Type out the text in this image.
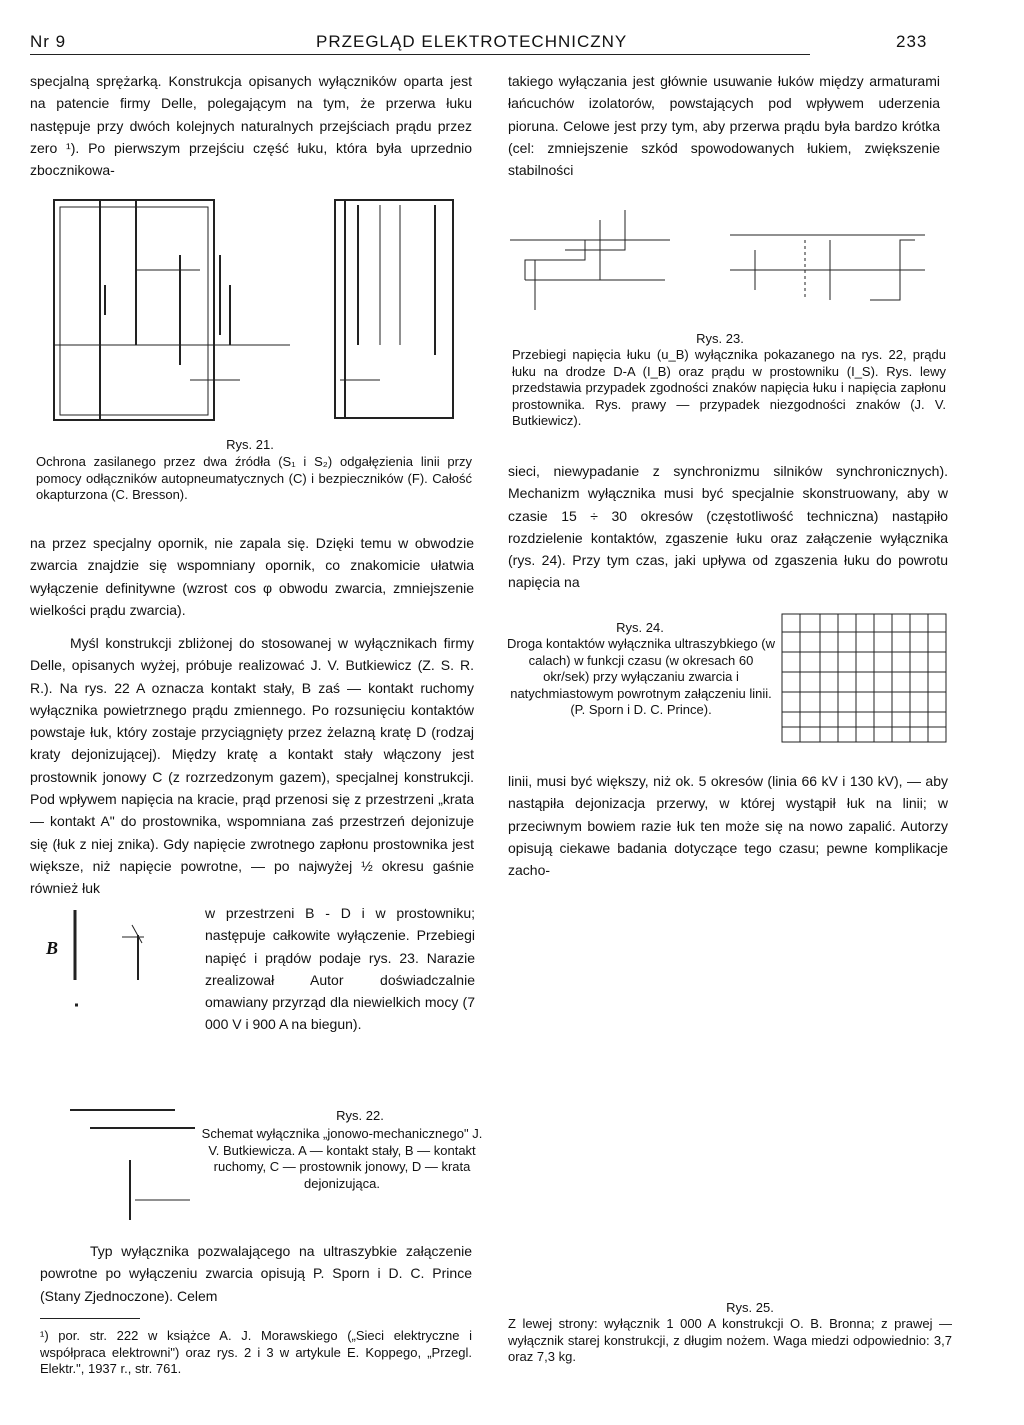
Nr 9	PRZEGLĄD ELEKTROTECHNICZNY	233
specjalną sprężarką. Konstrukcja opisanych wyłączników oparta jest na patencie firmy Delle, polegającym na tym, że przerwa łuku następuje przy dwóch kolejnych naturalnych przejściach prądu przez zero ¹). Po pierwszym przejściu część łuku, która była uprzednio zbocznikowa-
takiego wyłączania jest głównie usuwanie łuków między armaturami łańcuchów izolatorów, powstających pod wpływem uderzenia pioruna. Celowe jest przy tym, aby przerwa prądu była bardzo krótka (cel: zmniejszenie szkód spowodowanych łukiem, zwiększenie stabilności
Rys. 21.
Ochrona zasilanego przez dwa źródła (S₁ i S₂) odgałęzienia linii przy pomocy odłączników autopneumatycznych (C) i bezpieczników (F). Całość okapturzona (C. Bresson).
Rys. 23.
Przebiegi napięcia łuku (u_B) wyłącznika pokazanego na rys. 22, prądu łuku na drodze D-A (I_B) oraz prądu w prostowniku (I_S). Rys. lewy przedstawia przypadek zgodności znaków napięcia łuku i napięcia zapłonu prostownika. Rys. prawy — przypadek niezgodności znaków (J. V. Butkiewicz).
na przez specjalny opornik, nie zapala się. Dzięki temu w obwodzie zwarcia znajdzie się wspomniany opornik, co znakomicie ułatwia wyłączenie definitywne (wzrost cos φ obwodu zwarcia, zmniejszenie wielkości prądu zwarcia).
Myśl konstrukcji zbliżonej do stosowanej w wyłącznikach firmy Delle, opisanych wyżej, próbuje realizować J. V. Butkiewicz (Z. S. R. R.). Na rys. 22 A oznacza kontakt stały, B zaś — kontakt ruchomy wyłącznika powietrznego prądu zmiennego. Po rozsunięciu kontaktów powstaje łuk, który zostaje przyciągnięty przez żelazną kratę D (rodzaj kraty dejonizującej). Między kratę a kontakt stały włączony jest prostownik jonowy C (z rozrzedzonym gazem), specjalnej konstrukcji. Pod wpływem napięcia na kracie, prąd przenosi się z przestrzeni „krata — kontakt A" do prostownika, wspomniana zaś przestrzeń dejonizuje się (łuk z niej znika). Gdy napięcie zwrotnego zapłonu prostownika jest większe, niż napięcie powrotne, — po najwyżej ½ okresu gaśnie również łuk
B
w przestrzeni B - D i w prostowniku; następuje całkowite wyłączenie. Przebiegi napięć i prądów podaje rys. 23. Narazie zrealizował Autor doświadczalnie omawiany przyrząd dla niewielkich mocy (7 000 V i 900 A na biegun).
sieci, niewypadanie z synchronizmu silników synchronicznych). Mechanizm wyłącznika musi być specjalnie skonstruowany, aby w czasie 15 ÷ 30 okresów (częstotliwość techniczna) nastąpiło rozdzielenie kontaktów, zgaszenie łuku oraz załączenie wyłącznika (rys. 24). Przy tym czas, jaki upływa od zgaszenia łuku do powrotu napięcia na
Rys. 24.
Droga kontaktów wyłącznika ultraszybkiego (w calach) w funkcji czasu (w okresach 60 okr/sek) przy wyłączaniu zwarcia i natychmiastowym powrotnym załączeniu linii. (P. Sporn i D. C. Prince).
linii, musi być większy, niż ok. 5 okresów (linia 66 kV i 130 kV), — aby nastąpiła dejonizacja przerwy, w której wystąpił łuk na linii; w przeciwnym bowiem razie łuk ten może się na nowo zapalić. Autorzy opisują ciekawe badania dotyczące tego czasu; pewne komplikacje zacho-
Rys. 22.
Schemat wyłącznika „jonowo-mechanicznego" J. V. Butkiewicza. A — kontakt stały, B — kontakt ruchomy, C — prostownik jonowy, D — krata dejonizująca.
Typ wyłącznika pozwalającego na ultraszybkie załączenie powrotne po wyłączeniu zwarcia opisują P. Sporn i D. C. Prince (Stany Zjednoczone). Celem
¹) por. str. 222 w książce A. J. Morawskiego („Sieci elektryczne i współpraca elektrowni") oraz rys. 2 i 3 w artykule E. Koppego, „Przegl. Elektr.", 1937 r., str. 761.
Rys. 25.
Z lewej strony: wyłącznik 1 000 A konstrukcji O. B. Bronna; z prawej — wyłącznik starej konstrukcji, z długim nożem. Waga miedzi odpowiednio: 3,7 oraz 7,3 kg.
